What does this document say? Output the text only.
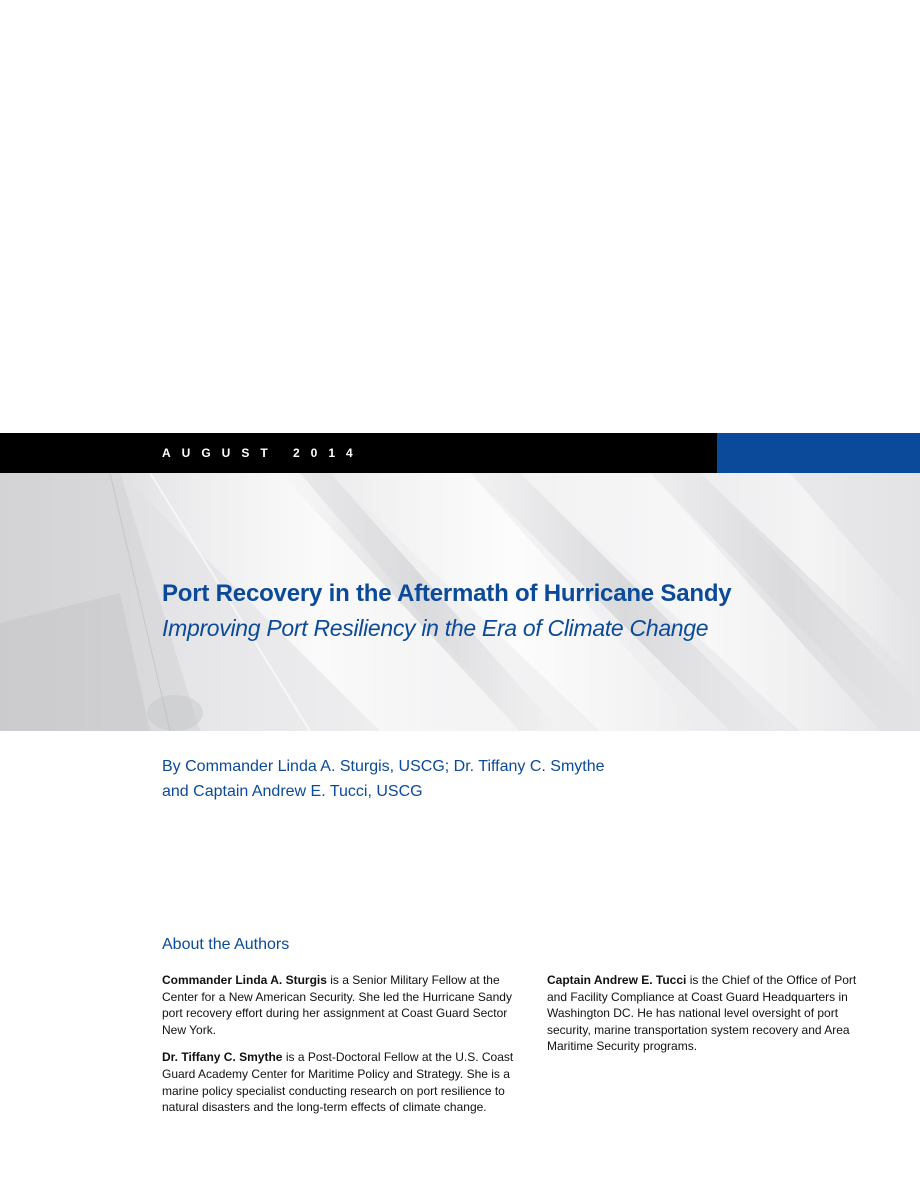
AUGUST 2014
Port Recovery in the Aftermath of Hurricane Sandy
Improving Port Resiliency in the Era of Climate Change
By Commander Linda A. Sturgis, USCG; Dr. Tiffany C. Smythe
and Captain Andrew E. Tucci, USCG
About the Authors

Commander Linda A. Sturgis is a Senior Military Fellow at the Center for a New American Security. She led the Hurricane Sandy port recovery effort during her assignment at Coast Guard Sector New York.

Dr. Tiffany C. Smythe is a Post-Doctoral Fellow at the U.S. Coast Guard Academy Center for Maritime Policy and Strategy. She is a marine policy specialist conducting research on port resilience to natural disasters and the long-term effects of climate change.

Captain Andrew E. Tucci is the Chief of the Office of Port and Facility Compliance at Coast Guard Headquarters in Washington DC. He has national level oversight of port security, marine transportation system recovery and Area Maritime Security programs.
